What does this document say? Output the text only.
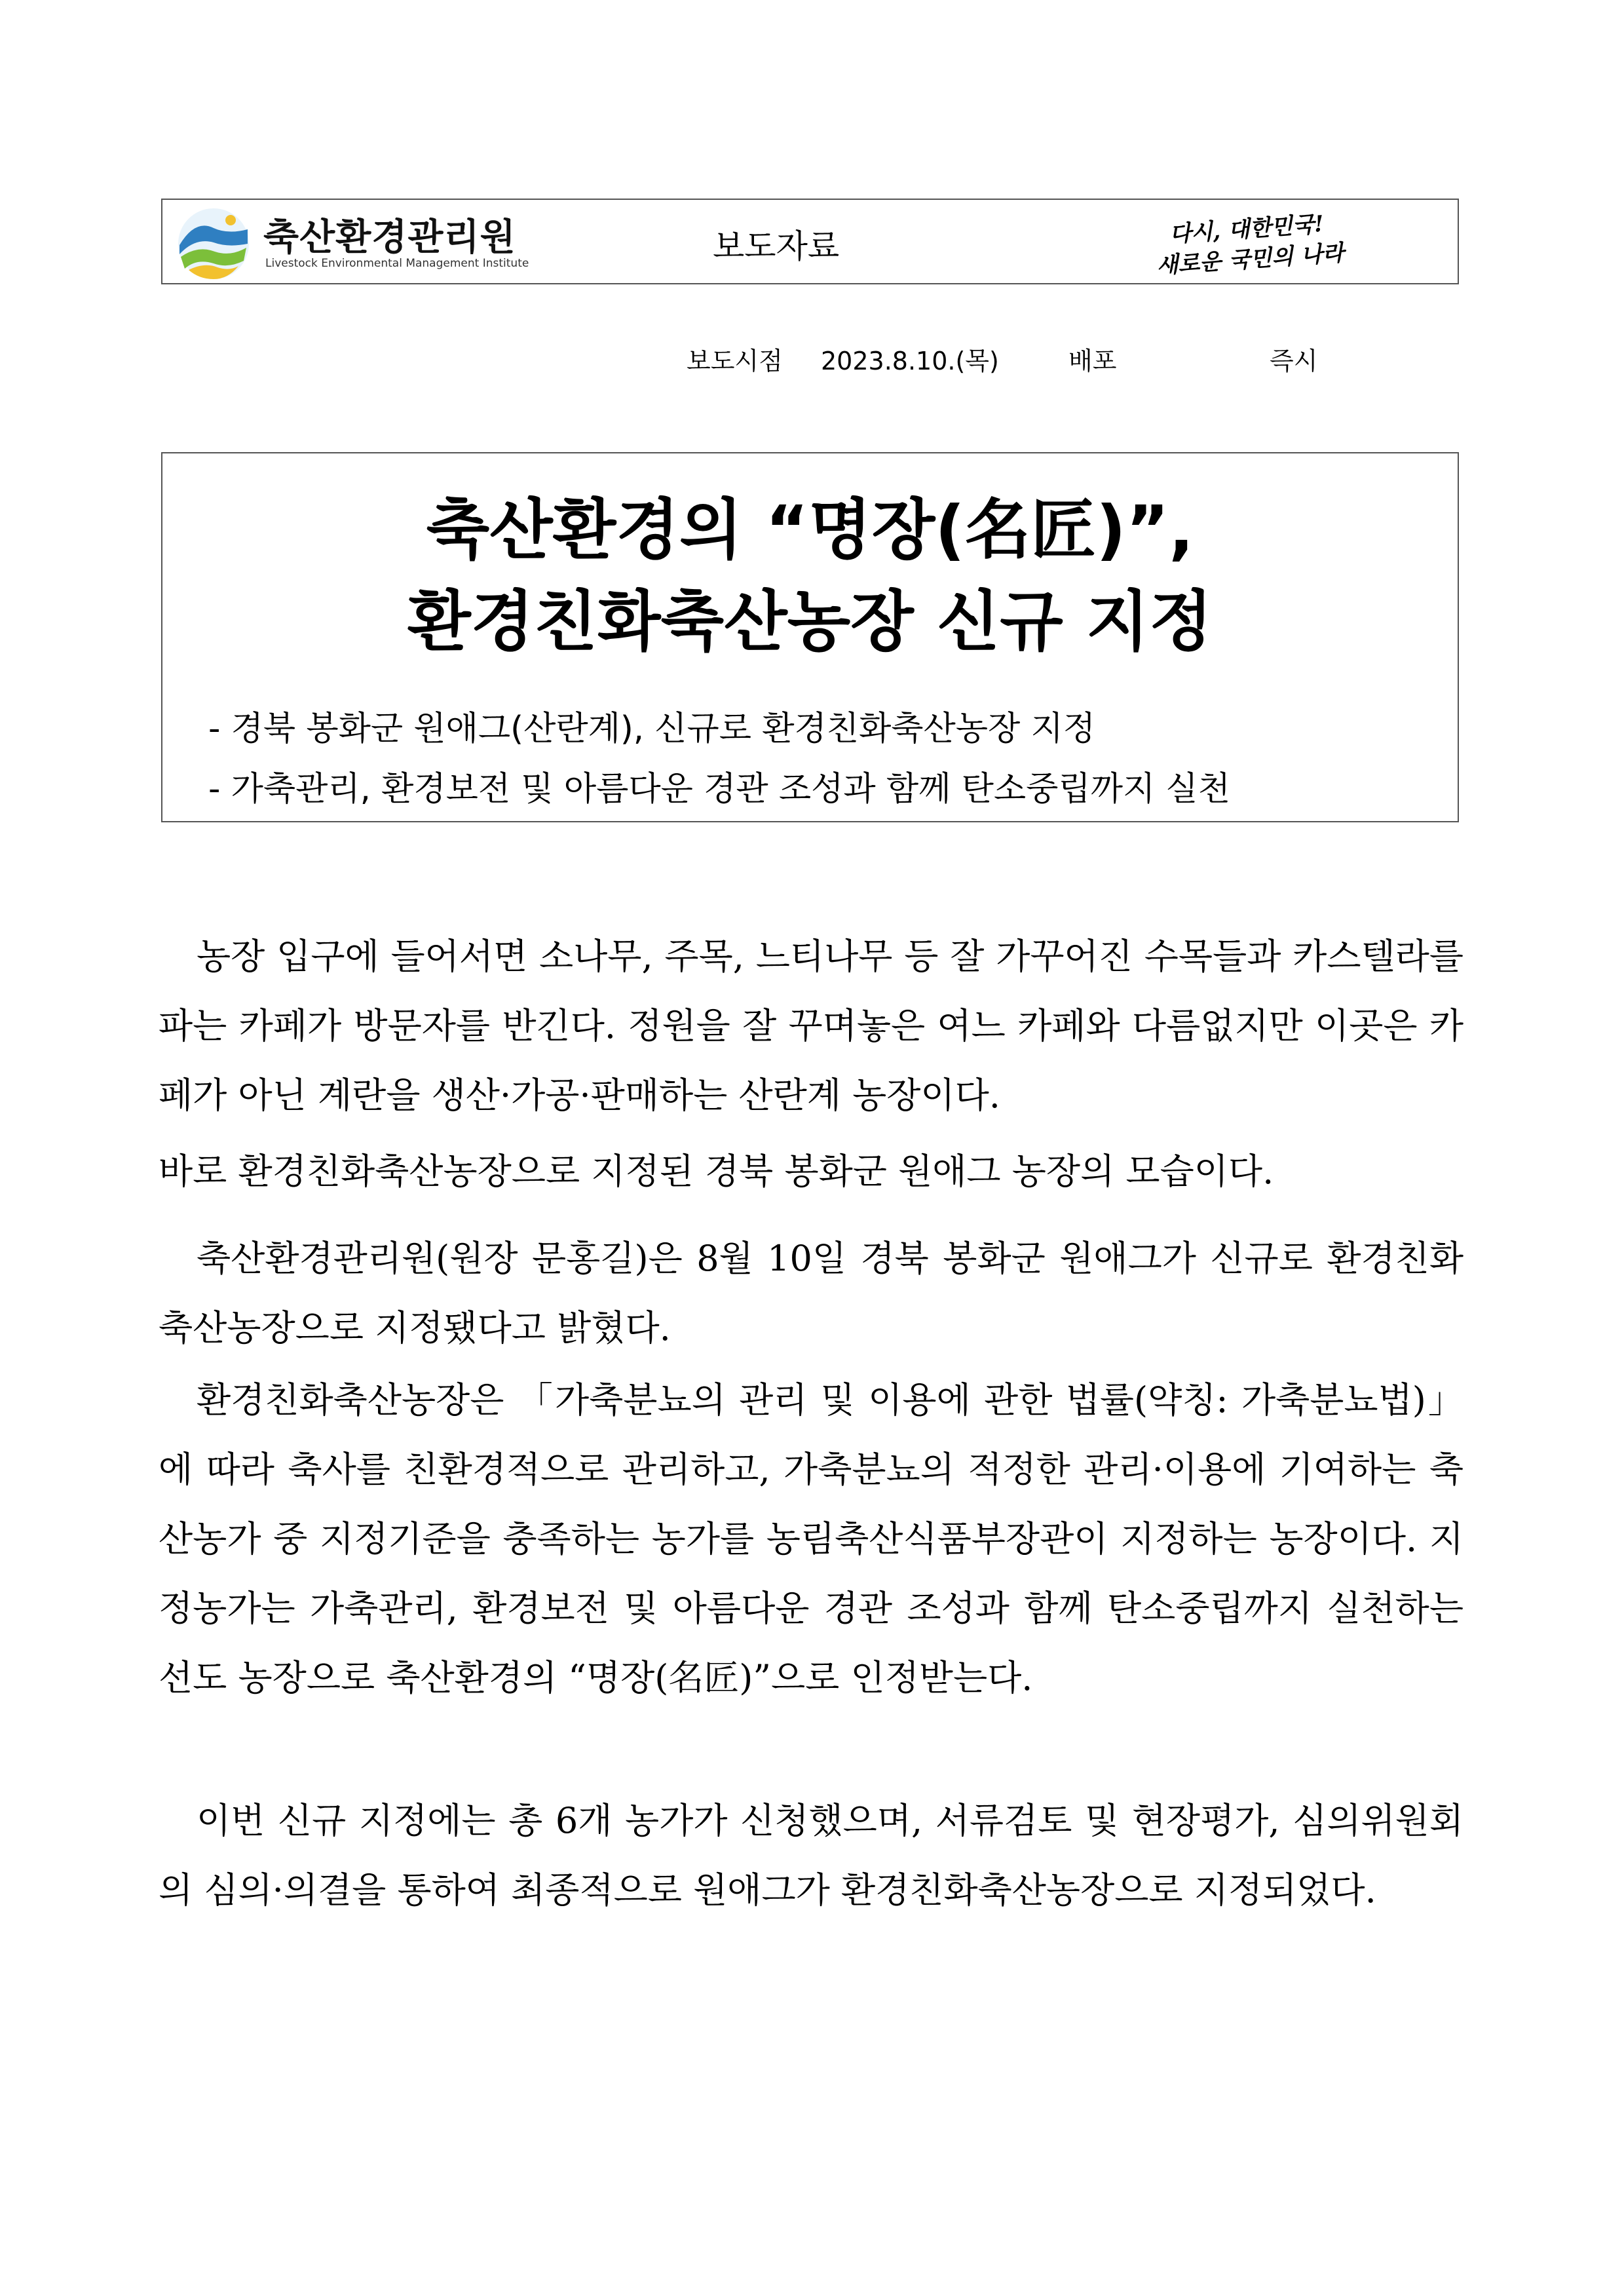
축산환경관리원
Livestock Environmental Management Institute	보도자료	다시, 대한민국!
새로운 국민의 나라
보도시점 2023.8.10.(목)	배포	즉시
축산환경의 “명장(名匠)”,
환경친화축산농장 신규 지정
- 경북 봉화군 원애그(산란계), 신규로 환경친화축산농장 지정
- 가축관리, 환경보전 및 아름다운 경관 조성과 함께 탄소중립까지 실천
농장 입구에 들어서면 소나무, 주목, 느티나무 등 잘 가꾸어진 수목들과 카스텔라를 파는 카페가 방문자를 반긴다. 정원을 잘 꾸며놓은 여느 카페와 다름없지만 이곳은 카페가 아닌 계란을 생산·가공·판매하는 산란계 농장이다.
바로 환경친화축산농장으로 지정된 경북 봉화군 원애그 농장의 모습이다.
축산환경관리원(원장 문홍길)은 8월 10일 경북 봉화군 원애그가 신규로 환경친화축산농장으로 지정됐다고 밝혔다.
환경친화축산농장은 「가축분뇨의 관리 및 이용에 관한 법률(약칭: 가축분뇨법)」에 따라 축사를 친환경적으로 관리하고, 가축분뇨의 적정한 관리·이용에 기여하는 축산농가 중 지정기준을 충족하는 농가를 농림축산식품부장관이 지정하는 농장이다. 지정농가는 가축관리, 환경보전 및 아름다운 경관 조성과 함께 탄소중립까지 실천하는 선도 농장으로 축산환경의 “명장(名匠)”으로 인정받는다.
이번 신규 지정에는 총 6개 농가가 신청했으며, 서류검토 및 현장평가, 심의위원회의 심의·의결을 통하여 최종적으로 원애그가 환경친화축산농장으로 지정되었다.
